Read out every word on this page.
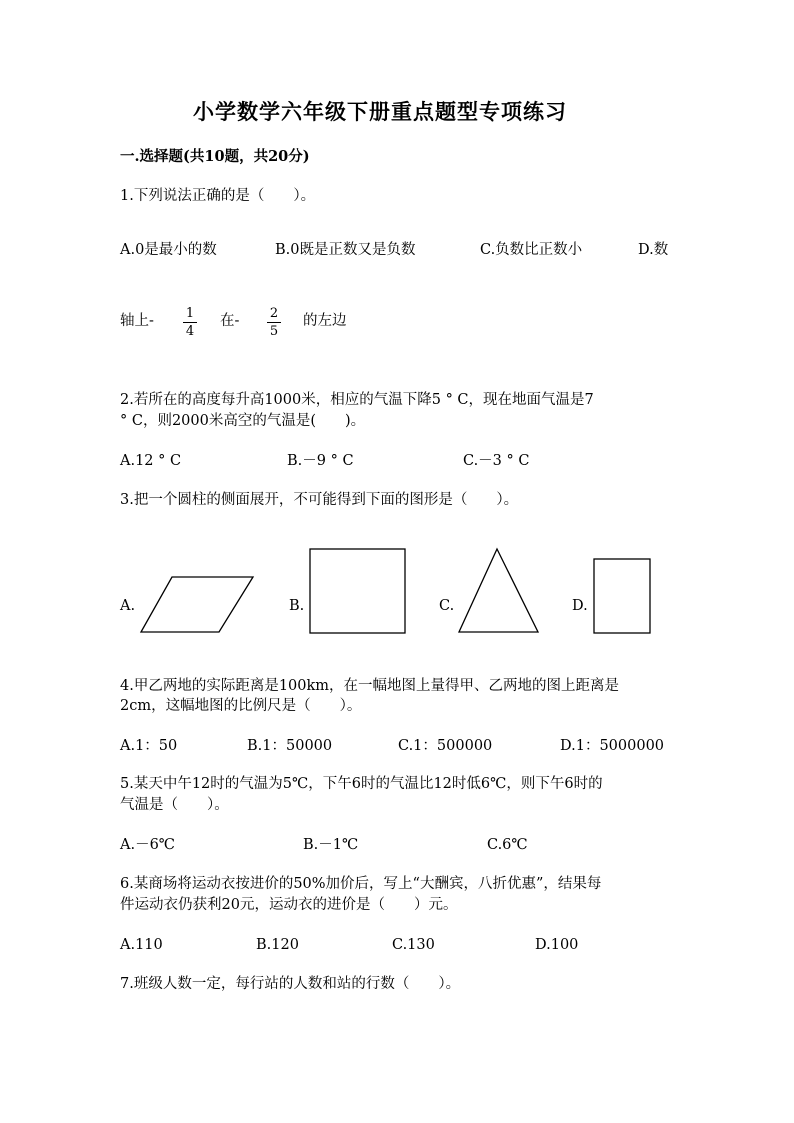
小学数学六年级下册重点题型专项练习
一.选择题(共10题，共20分)
1.下列说法正确的是（　　）。
A.0是最小的数	B.0既是正数又是负数	C.负数比正数小	D.数
轴上- 1
4
在- 2
5
的左边
2.若所在的高度每升高1000米，相应的气温下降5 ° C，现在地面气温是7
° C，则2000米高空的气温是(　　)。
A.12 ° C	B.－9 ° C	C.－3 ° C
3.把一个圆柱的侧面展开，不可能得到下面的图形是（　　）。
A.	B.	C.	D.
4.甲乙两地的实际距离是100km，在一幅地图上量得甲、乙两地的图上距离是
2cm，这幅地图的比例尺是（　　）。
A.1：50	B.1：50000	C.1：500000	D.1：5000000
5.某天中午12时的气温为5℃，下午6时的气温比12时低6℃，则下午6时的
气温是（　　）。
A.－6℃	B.－1℃	C.6℃
6.某商场将运动衣按进价的50%加价后，写上“大酬宾，八折优惠”，结果每
件运动衣仍获利20元，运动衣的进价是（　　）元。
A.110	B.120	C.130	D.100
7.班级人数一定，每行站的人数和站的行数（　　）。
